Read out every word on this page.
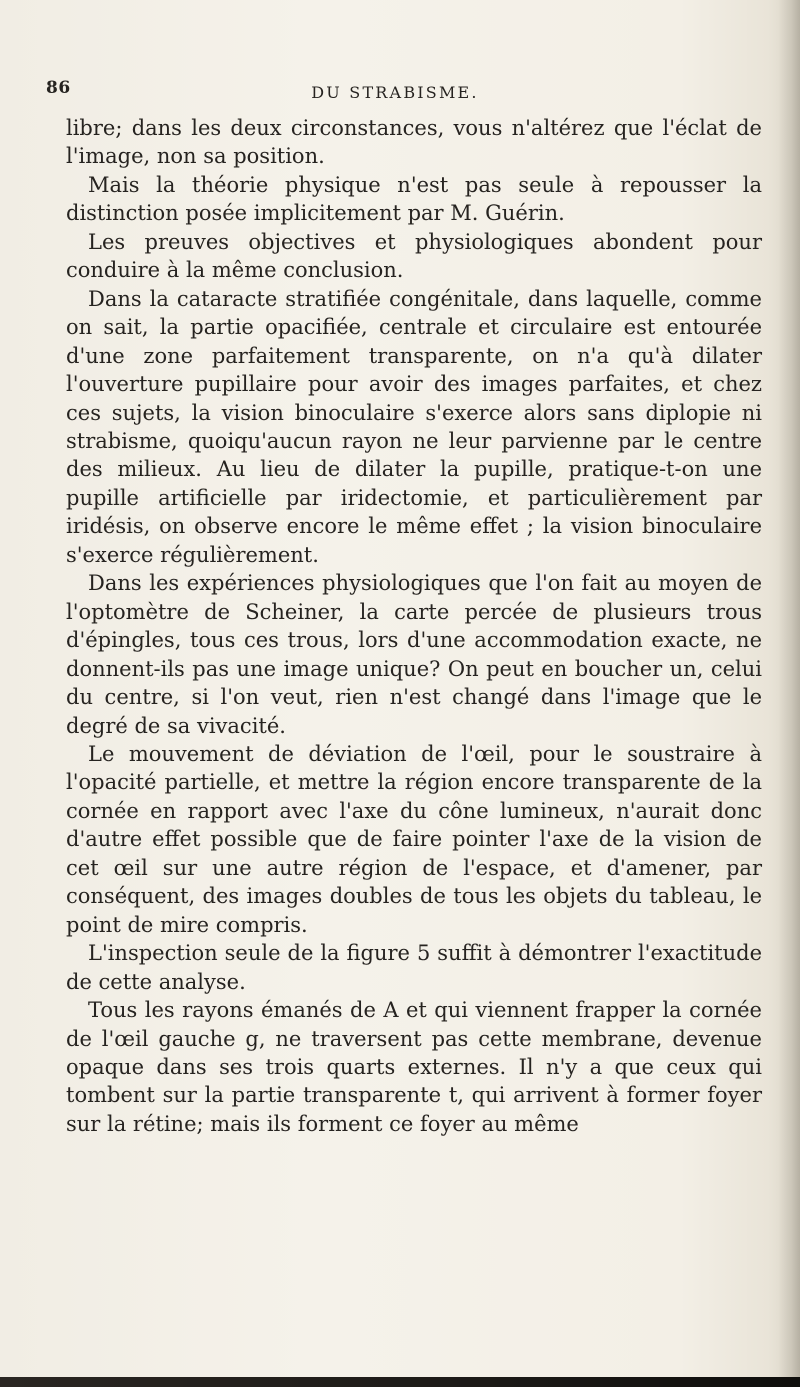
86	DU STRABISME.

libre; dans les deux circonstances, vous n'altérez que l'éclat de l'image, non sa position.

Mais la théorie physique n'est pas seule à repousser la distinction posée implicitement par M. Guérin.

Les preuves objectives et physiologiques abondent pour conduire à la même conclusion.

Dans la cataracte stratifiée congénitale, dans laquelle, comme on sait, la partie opacifiée, centrale et circulaire est entourée d'une zone parfaitement transparente, on n'a qu'à dilater l'ouverture pupillaire pour avoir des images parfaites, et chez ces sujets, la vision binoculaire s'exerce alors sans diplopie ni strabisme, quoiqu'aucun rayon ne leur parvienne par le centre des milieux. Au lieu de dilater la pupille, pratique-t-on une pupille artificielle par iridectomie, et particulièrement par iridésis, on observe encore le même effet ; la vision binoculaire s'exerce régulièrement.

Dans les expériences physiologiques que l'on fait au moyen de l'optomètre de Scheiner, la carte percée de plusieurs trous d'épingles, tous ces trous, lors d'une accommodation exacte, ne donnent-ils pas une image unique? On peut en boucher un, celui du centre, si l'on veut, rien n'est changé dans l'image que le degré de sa vivacité.

Le mouvement de déviation de l'œil, pour le soustraire à l'opacité partielle, et mettre la région encore transparente de la cornée en rapport avec l'axe du cône lumineux, n'aurait donc d'autre effet possible que de faire pointer l'axe de la vision de cet œil sur une autre région de l'espace, et d'amener, par conséquent, des images doubles de tous les objets du tableau, le point de mire compris.

L'inspection seule de la figure 5 suffit à démontrer l'exactitude de cette analyse.

Tous les rayons émanés de A et qui viennent frapper la cornée de l'œil gauche g, ne traversent pas cette membrane, devenue opaque dans ses trois quarts externes. Il n'y a que ceux qui tombent sur la partie transparente t, qui arrivent à former foyer sur la rétine; mais ils forment ce foyer au même
